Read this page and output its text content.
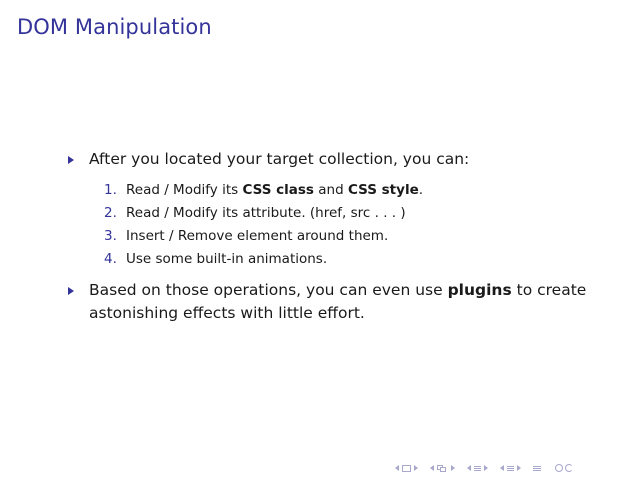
DOM Manipulation
After you located your target collection, you can:
1. Read / Modify its CSS class and CSS style.
2. Read / Modify its attribute. (href, src . . . )
3. Insert / Remove element around them.
4. Use some built-in animations.
Based on those operations, you can even use plugins to create astonishing effects with little effort.
